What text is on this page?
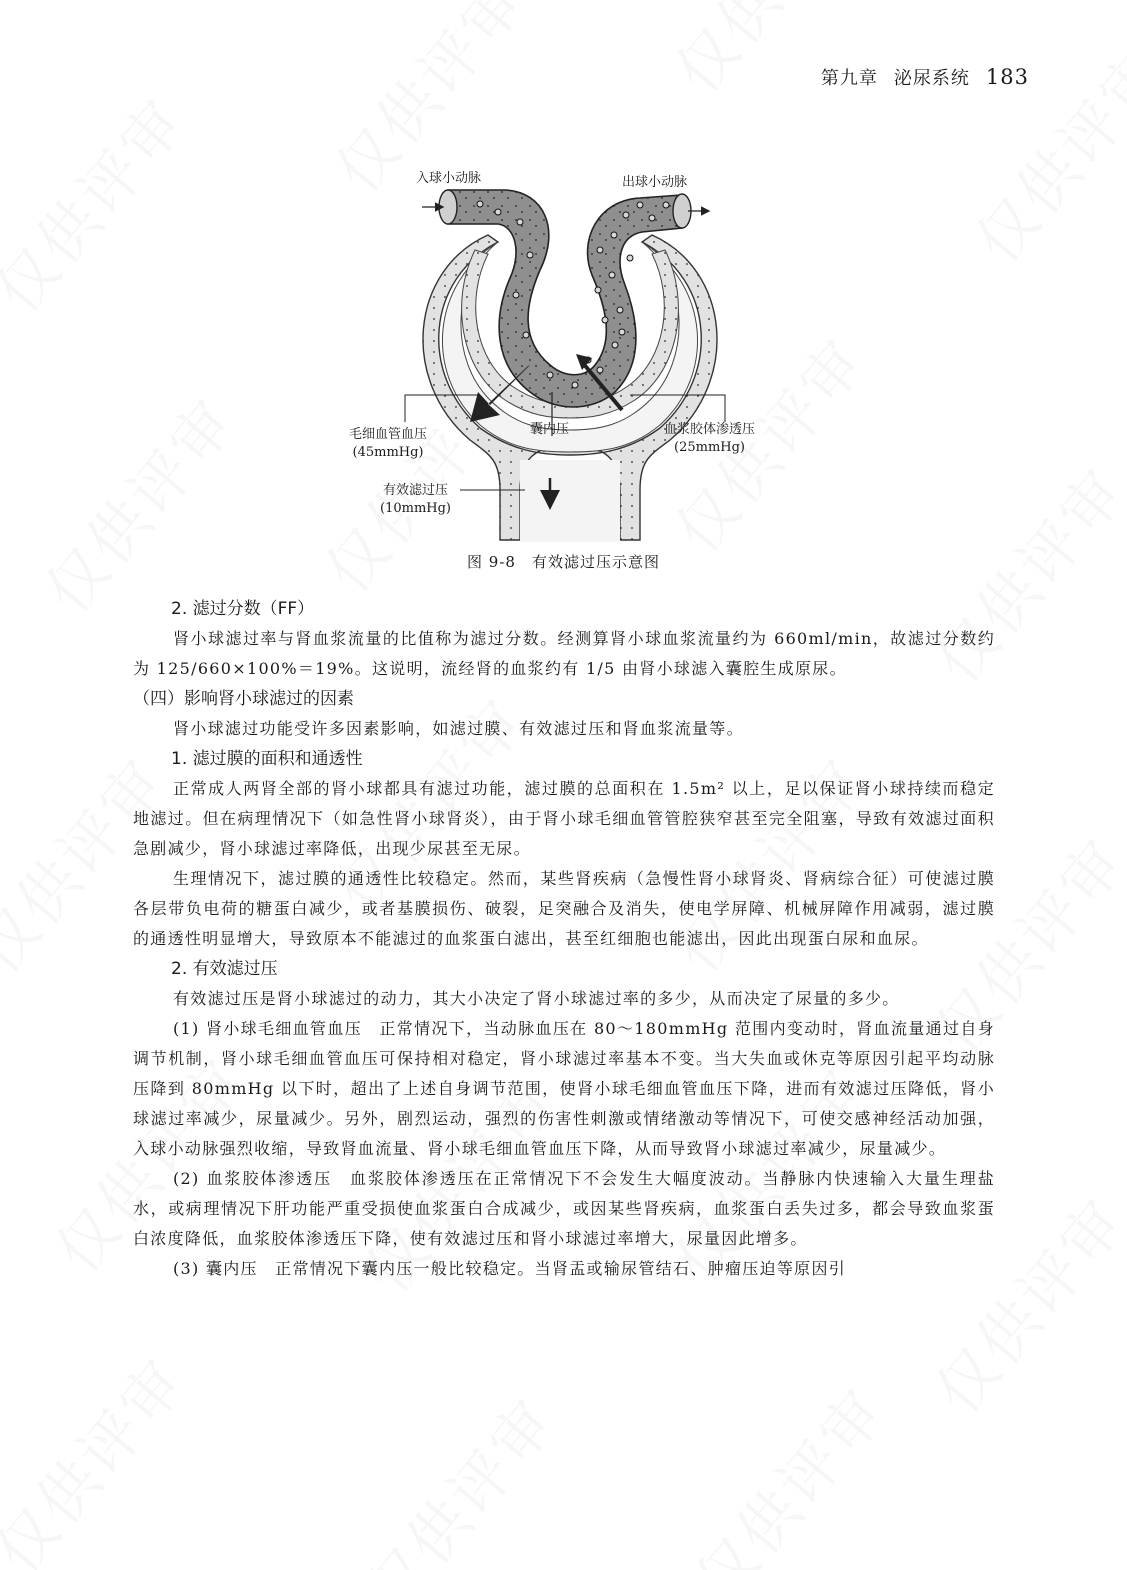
第九章 泌尿系统 183
入球小动脉	出球小动脉
毛细血管血压
(45mmHg)
囊内压	血浆胶体渗透压
(25mmHg)
有效滤过压
(10mmHg)
图 9-8　有效滤过压示意图
2. 滤过分数（FF）

肾小球滤过率与肾血浆流量的比值称为滤过分数。经测算肾小球血浆流量约为 660ml/min，故滤过分数约为 125/660×100%＝19%。这说明，流经肾的血浆约有 1/5 由肾小球滤入囊腔生成原尿。

（四）影响肾小球滤过的因素

肾小球滤过功能受许多因素影响，如滤过膜、有效滤过压和肾血浆流量等。

1. 滤过膜的面积和通透性

正常成人两肾全部的肾小球都具有滤过功能，滤过膜的总面积在 1.5m² 以上，足以保证肾小球持续而稳定地滤过。但在病理情况下（如急性肾小球肾炎），由于肾小球毛细血管管腔狭窄甚至完全阻塞，导致有效滤过面积急剧减少，肾小球滤过率降低，出现少尿甚至无尿。

生理情况下，滤过膜的通透性比较稳定。然而，某些肾疾病（急慢性肾小球肾炎、肾病综合征）可使滤过膜各层带负电荷的糖蛋白减少，或者基膜损伤、破裂，足突融合及消失，使电学屏障、机械屏障作用减弱，滤过膜的通透性明显增大，导致原本不能滤过的血浆蛋白滤出，甚至红细胞也能滤出，因此出现蛋白尿和血尿。

2. 有效滤过压

有效滤过压是肾小球滤过的动力，其大小决定了肾小球滤过率的多少，从而决定了尿量的多少。

(1) 肾小球毛细血管血压　正常情况下，当动脉血压在 80～180mmHg 范围内变动时，肾血流量通过自身调节机制，肾小球毛细血管血压可保持相对稳定，肾小球滤过率基本不变。当大失血或休克等原因引起平均动脉压降到 80mmHg 以下时，超出了上述自身调节范围，使肾小球毛细血管血压下降，进而有效滤过压降低，肾小球滤过率减少，尿量减少。另外，剧烈运动，强烈的伤害性刺激或情绪激动等情况下，可使交感神经活动加强，入球小动脉强烈收缩，导致肾血流量、肾小球毛细血管血压下降，从而导致肾小球滤过率减少，尿量减少。

(2) 血浆胶体渗透压　血浆胶体渗透压在正常情况下不会发生大幅度波动。当静脉内快速输入大量生理盐水，或病理情况下肝功能严重受损使血浆蛋白合成减少，或因某些肾疾病，血浆蛋白丢失过多，都会导致血浆蛋白浓度降低，血浆胶体渗透压下降，使有效滤过压和肾小球滤过率增大，尿量因此增多。

(3) 囊内压　正常情况下囊内压一般比较稳定。当肾盂或输尿管结石、肿瘤压迫等原因引
